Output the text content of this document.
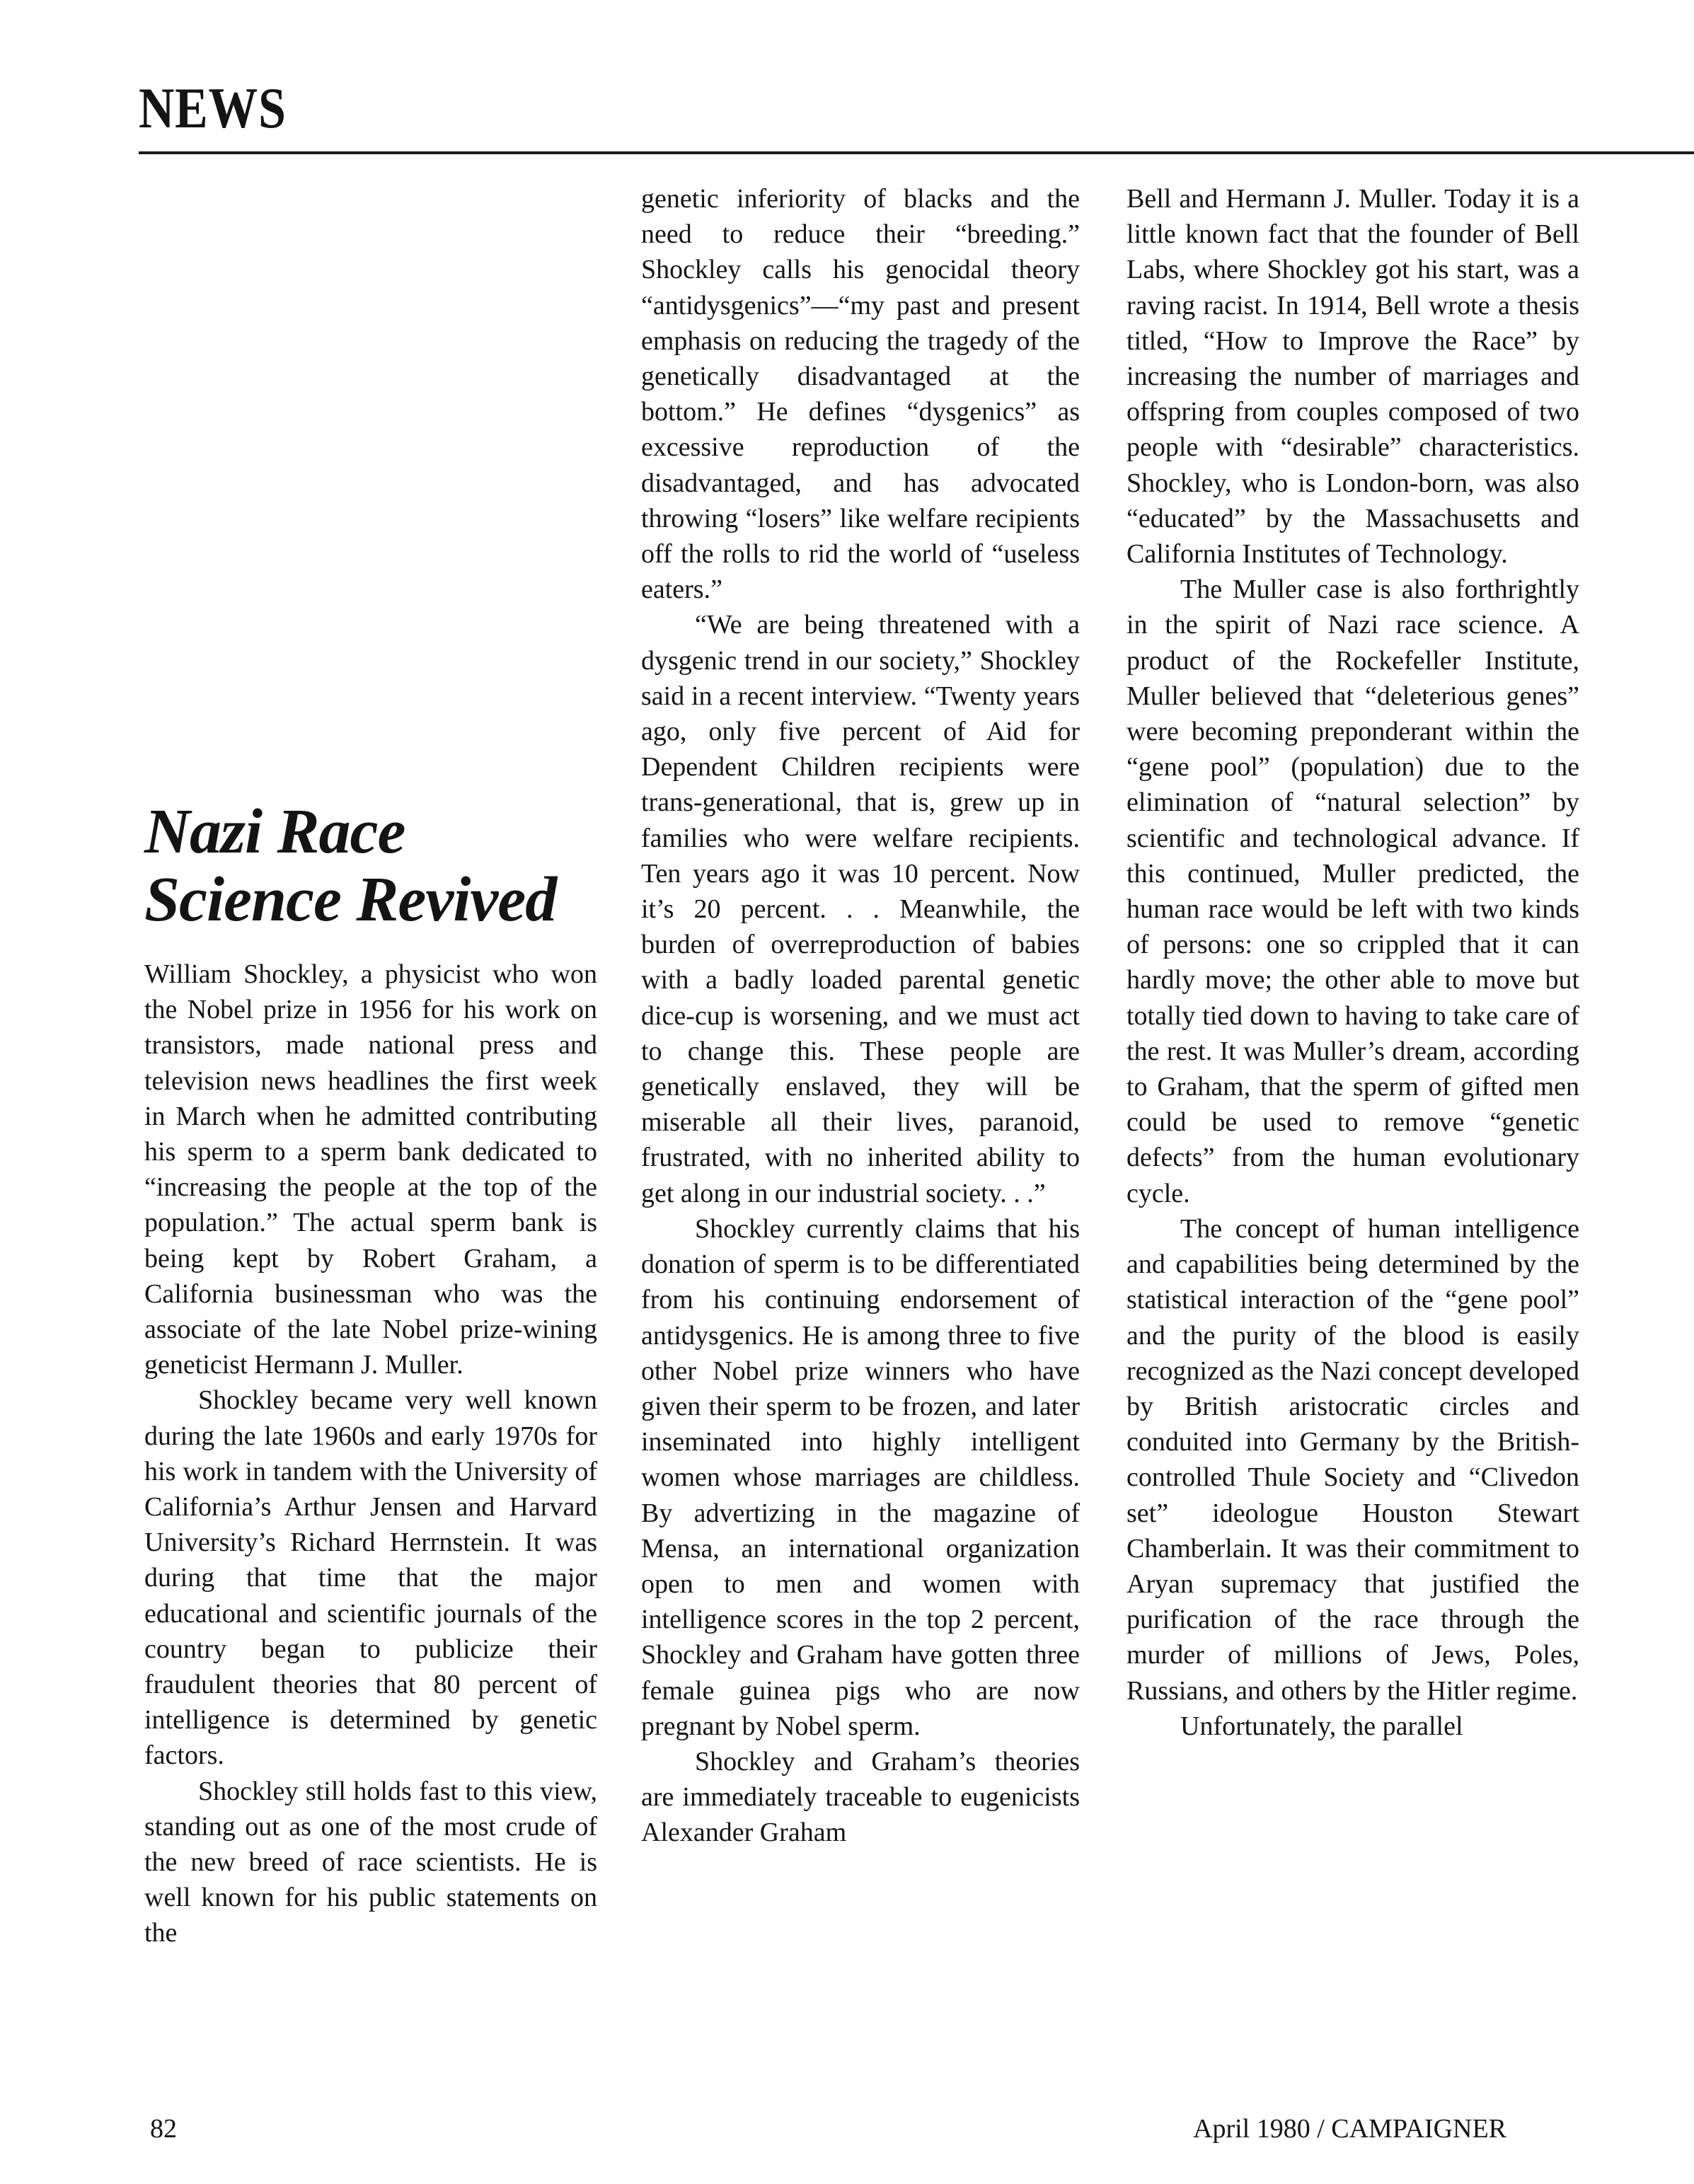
NEWS
Nazi Race
Science Revived

William Shockley, a physicist who won the Nobel prize in 1956 for his work on transistors, made national press and television news headlines the first week in March when he admitted contributing his sperm to a sperm bank dedicated to “increasing the people at the top of the population.” The actual sperm bank is being kept by Robert Graham, a California businessman who was the associate of the late Nobel prize-wining geneticist Hermann J. Muller.

Shockley became very well known during the late 1960s and early 1970s for his work in tandem with the University of California’s Arthur Jensen and Harvard University’s Richard Herrnstein. It was during that time that the major educational and scientific journals of the country began to publicize their fraudulent theories that 80 percent of intelligence is determined by genetic factors.

Shockley still holds fast to this view, standing out as one of the most crude of the new breed of race scientists. He is well known for his public statements on the

genetic inferiority of blacks and the need to reduce their “breeding.” Shockley calls his genocidal theory “antidysgenics”—“my past and present emphasis on reducing the tragedy of the genetically disadvantaged at the bottom.” He defines “dysgenics” as excessive reproduction of the disadvantaged, and has advocated throwing “losers” like welfare recipients off the rolls to rid the world of “useless eaters.”

“We are being threatened with a dysgenic trend in our society,” Shockley said in a recent interview. “Twenty years ago, only five percent of Aid for Dependent Children recipients were trans-generational, that is, grew up in families who were welfare recipients. Ten years ago it was 10 percent. Now it’s 20 percent. . . Meanwhile, the burden of overreproduction of babies with a badly loaded parental genetic dice-cup is worsening, and we must act to change this. These people are genetically enslaved, they will be miserable all their lives, paranoid, frustrated, with no inherited ability to get along in our industrial society. . .”

Shockley currently claims that his donation of sperm is to be differentiated from his continuing endorsement of antidysgenics. He is among three to five other Nobel prize winners who have given their sperm to be frozen, and later inseminated into highly intelligent women whose marriages are childless. By advertizing in the magazine of Mensa, an international organization open to men and women with intelligence scores in the top 2 percent, Shockley and Graham have gotten three female guinea pigs who are now pregnant by Nobel sperm.

Shockley and Graham’s theories are immediately traceable to eugenicists Alexander Graham

Bell and Hermann J. Muller. Today it is a little known fact that the founder of Bell Labs, where Shockley got his start, was a raving racist. In 1914, Bell wrote a thesis titled, “How to Improve the Race” by increasing the number of marriages and offspring from couples composed of two people with “desirable” characteristics. Shockley, who is London-born, was also “educated” by the Massachusetts and California Institutes of Technology.

The Muller case is also forthrightly in the spirit of Nazi race science. A product of the Rockefeller Institute, Muller believed that “deleterious genes” were becoming preponderant within the “gene pool” (population) due to the elimination of “natural selection” by scientific and technological advance. If this continued, Muller predicted, the human race would be left with two kinds of persons: one so crippled that it can hardly move; the other able to move but totally tied down to having to take care of the rest. It was Muller’s dream, according to Graham, that the sperm of gifted men could be used to remove “genetic defects” from the human evolutionary cycle.

The concept of human intelligence and capabilities being determined by the statistical interaction of the “gene pool” and the purity of the blood is easily recognized as the Nazi concept developed by British aristocratic circles and conduited into Germany by the British-controlled Thule Society and “Clivedon set” ideologue Houston Stewart Chamberlain. It was their commitment to Aryan supremacy that justified the purification of the race through the murder of millions of Jews, Poles, Russians, and others by the Hitler regime.

Unfortunately, the parallel

82	April 1980 / CAMPAIGNER
